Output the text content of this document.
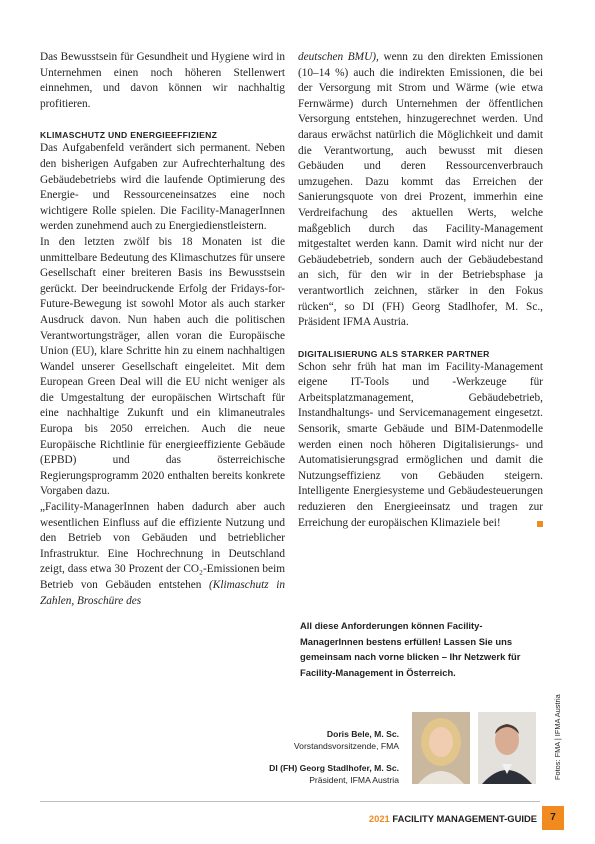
Das Bewusstsein für Gesundheit und Hygiene wird in Unternehmen einen noch höheren Stellenwert einnehmen, und davon können wir nachhaltig profitieren.

KLIMASCHUTZ UND ENERGIEEFFIZIENZ

Das Aufgabenfeld verändert sich permanent. Neben den bisherigen Aufgaben zur Aufrechterhaltung des Gebäudebetriebs wird die laufende Optimierung des Energie- und Ressourceneinsatzes eine noch wichtigere Rolle spielen. Die Facility-ManagerInnen werden zunehmend auch zu Energiedienstleistern.

In den letzten zwölf bis 18 Monaten ist die unmittelbare Bedeutung des Klimaschutzes für unsere Gesellschaft einer breiteren Basis ins Bewusstsein gerückt. Der beeindruckende Erfolg der Fridays-for-Future-Bewegung ist sowohl Motor als auch starker Ausdruck davon. Nun haben auch die politischen Verantwortungsträger, allen voran die Europäische Union (EU), klare Schritte hin zu einem nachhaltigen Wandel unserer Gesellschaft eingeleitet. Mit dem European Green Deal will die EU nicht weniger als die Umgestaltung der europäischen Wirtschaft für eine nachhaltige Zukunft und ein klimaneutrales Europa bis 2050 erreichen. Auch die neue Europäische Richtlinie für energieeffiziente Gebäude (EPBD) und das österreichische Regierungsprogramm 2020 enthalten bereits konkrete Vorgaben dazu.

„Facility-ManagerInnen haben dadurch aber auch wesentlichen Einfluss auf die effiziente Nutzung und den Betrieb von Gebäuden und betrieblicher Infrastruktur. Eine Hochrechnung in Deutschland zeigt, dass etwa 30 Prozent der CO₂-Emissionen beim Betrieb von Gebäuden entstehen (Klimaschutz in Zahlen, Broschüre des

deutschen BMU), wenn zu den direkten Emissionen (10–14 %) auch die indirekten Emissionen, die bei der Versorgung mit Strom und Wärme (wie etwa Fernwärme) durch Unternehmen der öffentlichen Versorgung entstehen, hinzugerechnet werden. Und daraus erwächst natürlich die Möglichkeit und damit die Verantwortung, auch bewusst mit diesen Gebäuden und deren Ressourcenverbrauch umzugehen. Dazu kommt das Erreichen der Sanierungsquote von drei Prozent, immerhin eine Verdreifachung des aktuellen Werts, welche maßgeblich durch das Facility-Management mitgestaltet werden kann. Damit wird nicht nur der Gebäudebetrieb, sondern auch der Gebäudebestand an sich, für den wir in der Betriebsphase ja verantwortlich zeichnen, stärker in den Fokus rücken“, so DI (FH) Georg Stadlhofer, M. Sc., Präsident IFMA Austria.

DIGITALISIERUNG ALS STARKER PARTNER

Schon sehr früh hat man im Facility-Management eigene IT-Tools und -Werkzeuge für Arbeitsplatzmanagement, Gebäudebetrieb, Instandhaltungs- und Servicemanagement eingesetzt. Sensorik, smarte Gebäude und BIM-Datenmodelle werden einen noch höheren Digitalisierungs- und Automatisierungsgrad ermöglichen und damit die Nutzungseffizienz von Gebäuden steigern. Intelligente Energiesysteme und Gebäudesteuerungen reduzieren den Energieeinsatz und tragen zur Erreichung der europäischen Klimaziele bei!

All diese Anforderungen können Facility-ManagerInnen bestens erfüllen! Lassen Sie uns gemeinsam nach vorne blicken – Ihr Netzwerk für Facility-Management in Österreich.

Doris Bele, M. Sc.
Vorstandsvorsitzende, FMA
DI (FH) Georg Stadlhofer, M. Sc.
Präsident, IFMA Austria	Fotos: FMA | IFMA Austria
2021 FACILITY MANAGEMENT-GUIDE	7
